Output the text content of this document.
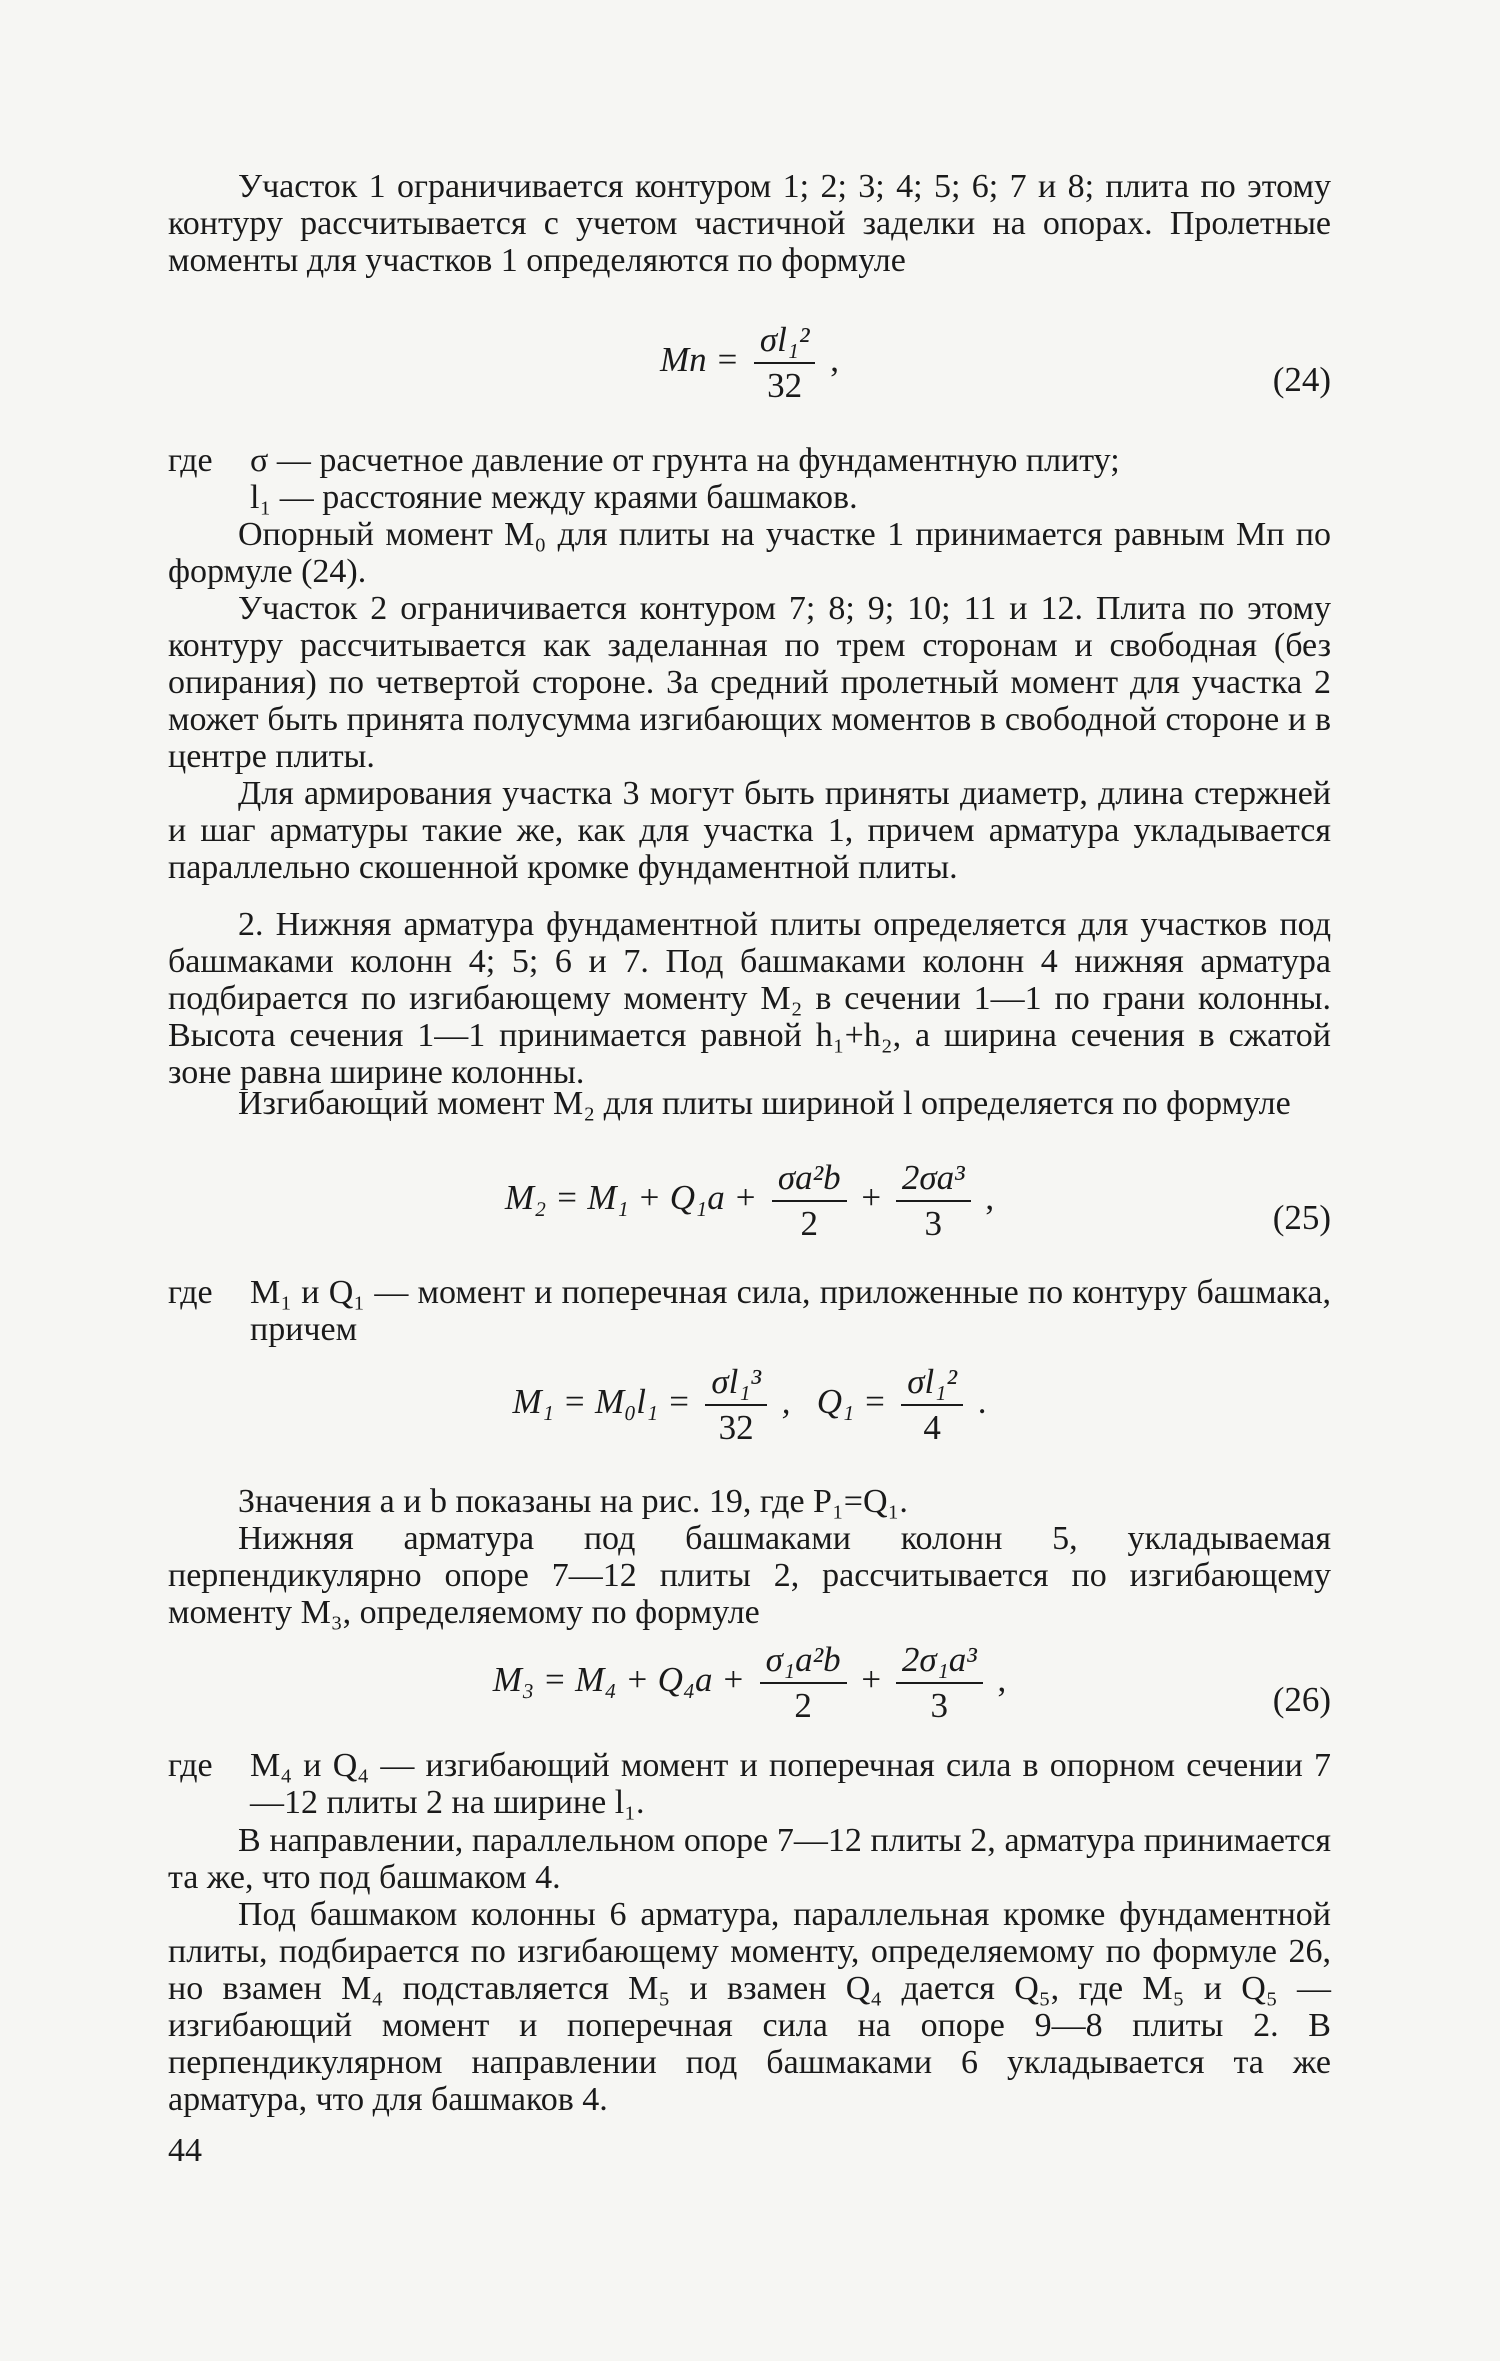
Участок 1 ограничивается контуром 1; 2; 3; 4; 5; 6; 7 и 8; плита по этому контуру рассчитывается с учетом частичной заделки на опорах. Пролетные моменты для участков 1 определяются по формуле

Mп = $\frac{\text{σl₁²}}{32}$ ,
(24)
где σ — расчетное давление от грунта на фундаментную плиту;
l₁ — расстояние между краями башмаков.

Опорный момент M₀ для плиты на участке 1 принимается равным Mп по формуле (24).

Участок 2 ограничивается контуром 7; 8; 9; 10; 11 и 12. Плита по этому контуру рассчитывается как заделанная по трем сторонам и свободная (без опирания) по четвертой стороне. За средний пролетный момент для участка 2 может быть принята полусумма изгибающих моментов в свободной стороне и в центре плиты.

Для армирования участка 3 могут быть приняты диаметр, длина стержней и шаг арматуры такие же, как для участка 1, причем арматура укладывается параллельно скошенной кромке фундаментной плиты.

2. Нижняя арматура фундаментной плиты определяется для участков под башмаками колонн 4; 5; 6 и 7. Под башмаками колонн 4 нижняя арматура подбирается по изгибающему моменту M₂ в сечении 1—1 по грани колонны. Высота сечения 1—1 принимается равной h₁+h₂, а ширина сечения в сжатой зоне равна ширине колонны.

Изгибающий момент M₂ для плиты шириной l определяется по формуле

$M_2 = M_1 + Q_1a + \frac{\text{σa²b}}{2} + \frac{\text{2σa³}}{3}$ ,
(25)
где M₁ и Q₁ — момент и поперечная сила, приложенные по контуру башмака, причем
$M_1 = M_0l_1 = \frac{\text{σl₁³}}{32}$ ,   $Q_1 = \frac{\text{σl₁²}}{4}$ .

Значения a и b показаны на рис. 19, где P₁=Q₁.

Нижняя арматура под башмаками колонн 5, укладываемая перпендикулярно опоре 7—12 плиты 2, рассчитывается по изгибающему моменту M₃, определяемому по формуле

$M_3 = M_4 + Q_4a + \frac{\text{σ₁a²b}}{2} + \frac{\text{2σ₁a³}}{3}$ ,
(26)
где M₄ и Q₄ — изгибающий момент и поперечная сила в опорном сечении 7—12 плиты 2 на ширине l₁.

В направлении, параллельном опоре 7—12 плиты 2, арматура принимается та же, что под башмаком 4.

Под башмаком колонны 6 арматура, параллельная кромке фундаментной плиты, подбирается по изгибающему моменту, определяемому по формуле 26, но взамен M₄ подставляется M₅ и взамен Q₄ дается Q₅, где M₅ и Q₅ — изгибающий момент и поперечная сила на опоре 9—8 плиты 2. В перпендикулярном направлении под башмаками 6 укладывается та же арматура, что для башмаков 4.

44
